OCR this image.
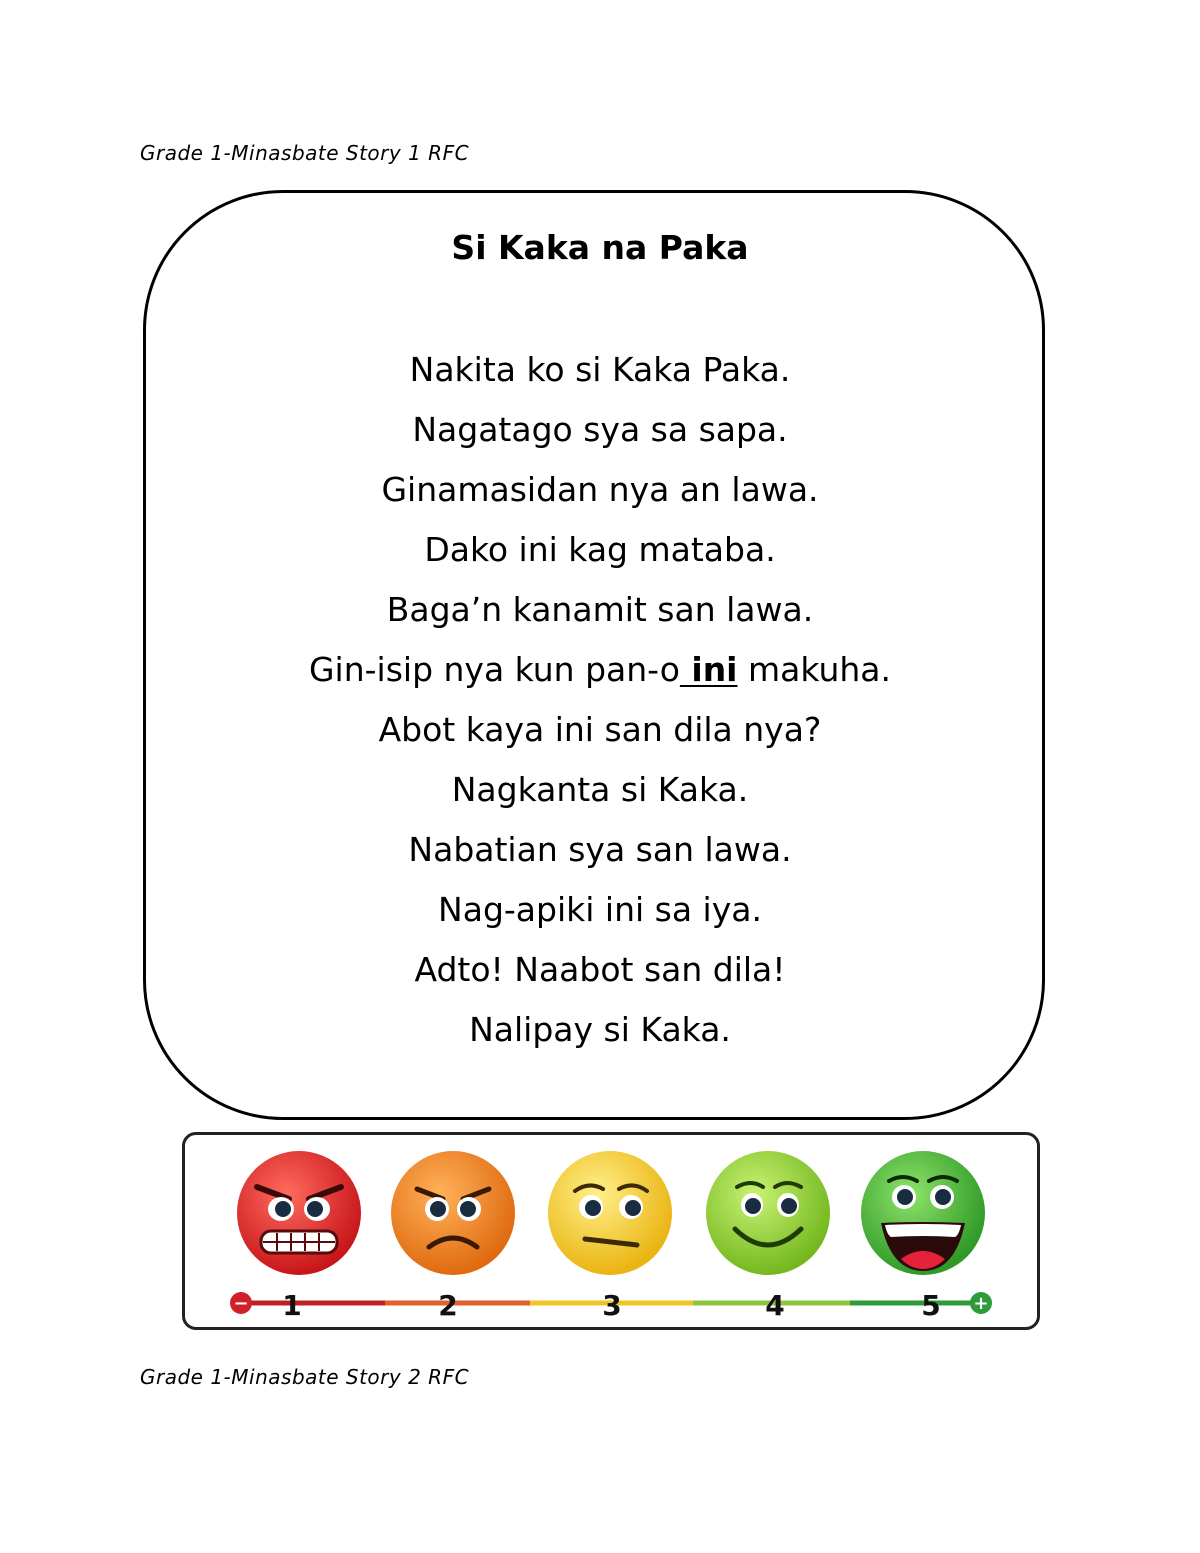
Grade 1-Minasbate Story 1 RFC
Si Kaka na Paka
Nakita ko si Kaka Paka.
Nagatago sya sa sapa.
Ginamasidan nya an lawa.
Dako ini kag mataba.
Baga’n kanamit san lawa.
Gin-isip nya kun pan-o ini makuha.
Abot kaya ini san dila nya?
Nagkanta si Kaka.
Nabatian sya san lawa.
Nag-apiki ini sa iya.
Adto! Naabot san dila!
Nalipay si Kaka.
−	+
1	2	3	4	5
Grade 1-Minasbate Story 2 RFC
